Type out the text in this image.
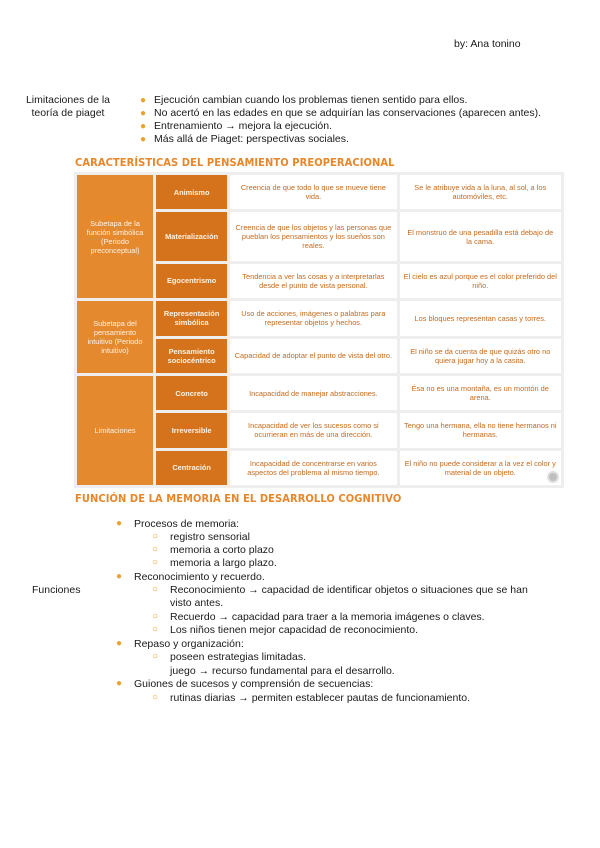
by: Ana tonino
Limitaciones de la teoría de piaget
● Ejecución cambian cuando los problemas tienen sentido para ellos.
● No acertó en las edades en que se adquirían las conservaciones (aparecen antes).
● Entrenamiento → mejora la ejecución.
● Más allá de Piaget: perspectivas sociales.
CARACTERÍSTICAS DEL PENSAMIENTO PREOPERACIONAL
Subetapa de la función simbólica (Periodo preconceptual)	Animismo	Creencia de que todo lo que se mueve tiene vida.	Se le atribuye vida a la luna, al sol, a los automóviles, etc.
	Materialización	Creencia de que los objetos y las personas que pueblan los pensamientos y los sueños son reales.	El monstruo de una pesadilla está debajo de la cama.
	Egocentrismo	Tendencia a ver las cosas y a interpretarlas desde el punto de vista personal.	El cielo es azul porque es el color preferido del niño.

Subetapa del pensamiento intuitivo (Periodo intuitivo)	Representación simbólica	Uso de acciones, imágenes o palabras para representar objetos y hechos.	Los bloques representan casas y torres.
	Pensamiento sociocéntrico	Capacidad de adoptar el punto de vista del otro.	El niño se da cuenta de que quizás otro no quiera jugar hoy a la casita.

Limitaciones	Concreto	Incapacidad de manejar abstracciones.	Ésa no es una montaña, es un montón de arena.
	Irreversible	Incapacidad de ver los sucesos como si ocurrieran en más de una dirección.	Tengo una hermana, ella no tiene hermanos ni hermanas.
	Centración	Incapacidad de concentrarse en varios aspectos del problema al mismo tiempo.	El niño no puede considerar a la vez el color y material de un objeto.
FUNCIÓN DE LA MEMORIA EN EL DESARROLLO COGNITIVO
● Procesos de memoria:
○ registro sensorial
○ memoria a corto plazo
○ memoria a largo plazo.
● Reconocimiento y recuerdo.
○ Reconocimiento → capacidad de identificar objetos o situaciones que se han
visto antes.
○ Recuerdo → capacidad para traer a la memoria imágenes o claves.
○ Los niños tienen mejor capacidad de reconocimiento.
● Repaso y organización:
○ poseen estrategias limitadas.
juego → recurso fundamental para el desarrollo.
● Guiones de sucesos y comprensión de secuencias:
○ rutinas diarias → permiten establecer pautas de funcionamiento.
Funciones
